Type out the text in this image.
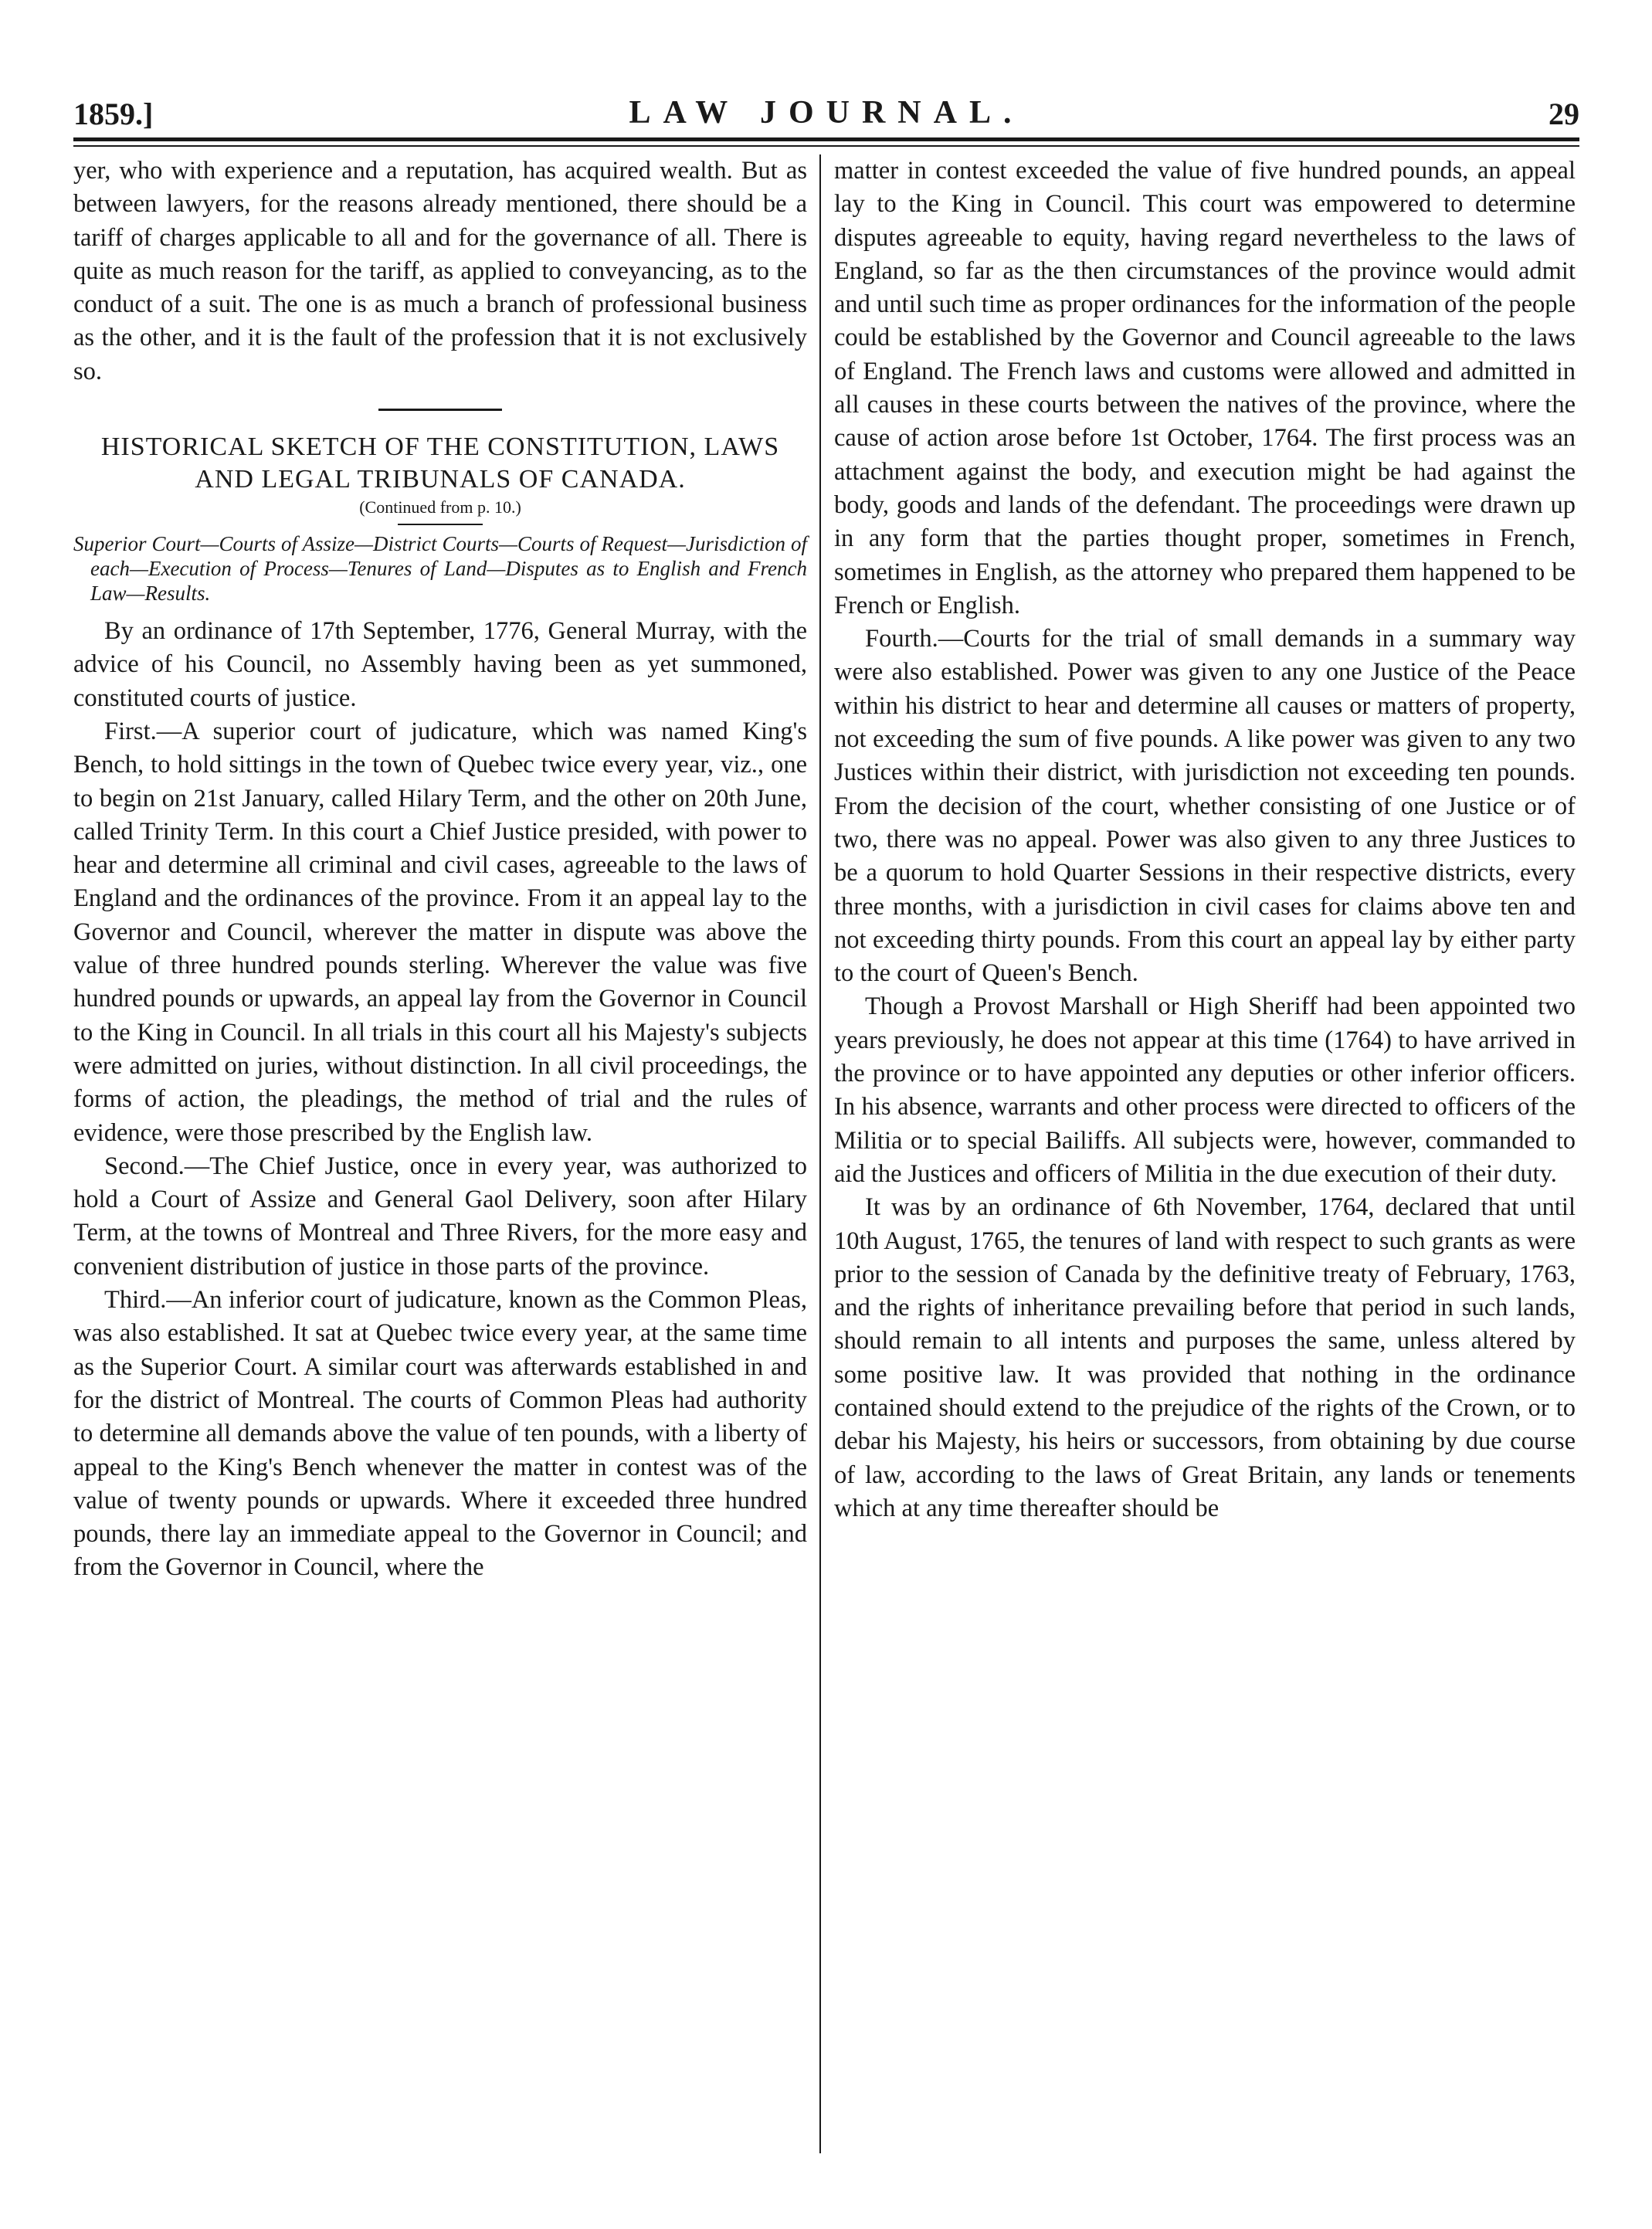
1859.]	LAW JOURNAL.	29

yer, who with experience and a reputation, has acquired wealth. But as between lawyers, for the reasons already mentioned, there should be a tariff of charges applicable to all and for the governance of all. There is quite as much reason for the tariff, as applied to conveyancing, as to the conduct of a suit. The one is as much a branch of professional business as the other, and it is the fault of the profession that it is not exclusively so.

HISTORICAL SKETCH OF THE CONSTITUTION, LAWS
AND LEGAL TRIBUNALS OF CANADA.
(Continued from p. 10.)

Superior Court—Courts of Assize—District Courts—Courts of Request—Jurisdiction of each—Execution of Process—Tenures of Land—Disputes as to English and French Law—Results.

By an ordinance of 17th September, 1776, General Murray, with the advice of his Council, no Assembly having been as yet summoned, constituted courts of justice.

First.—A superior court of judicature, which was named King's Bench, to hold sittings in the town of Quebec twice every year, viz., one to begin on 21st January, called Hilary Term, and the other on 20th June, called Trinity Term. In this court a Chief Justice presided, with power to hear and determine all criminal and civil cases, agreeable to the laws of England and the ordinances of the province. From it an appeal lay to the Governor and Council, wherever the matter in dispute was above the value of three hundred pounds sterling. Wherever the value was five hundred pounds or upwards, an appeal lay from the Governor in Council to the King in Council. In all trials in this court all his Majesty's subjects were admitted on juries, without distinction. In all civil proceedings, the forms of action, the pleadings, the method of trial and the rules of evidence, were those prescribed by the English law.

Second.—The Chief Justice, once in every year, was authorized to hold a Court of Assize and General Gaol Delivery, soon after Hilary Term, at the towns of Montreal and Three Rivers, for the more easy and convenient distribution of justice in those parts of the province.

Third.—An inferior court of judicature, known as the Common Pleas, was also established. It sat at Quebec twice every year, at the same time as the Superior Court. A similar court was afterwards established in and for the district of Montreal. The courts of Common Pleas had authority to determine all demands above the value of ten pounds, with a liberty of appeal to the King's Bench whenever the matter in contest was of the value of twenty pounds or upwards. Where it exceeded three hundred pounds, there lay an immediate appeal to the Governor in Council; and from the Governor in Council, where the

matter in contest exceeded the value of five hundred pounds, an appeal lay to the King in Council. This court was empowered to determine disputes agreeable to equity, having regard nevertheless to the laws of England, so far as the then circumstances of the province would admit and until such time as proper ordinances for the information of the people could be established by the Governor and Council agreeable to the laws of England. The French laws and customs were allowed and admitted in all causes in these courts between the natives of the province, where the cause of action arose before 1st October, 1764. The first process was an attachment against the body, and execution might be had against the body, goods and lands of the defendant. The proceedings were drawn up in any form that the parties thought proper, sometimes in French, sometimes in English, as the attorney who prepared them happened to be French or English.

Fourth.—Courts for the trial of small demands in a summary way were also established. Power was given to any one Justice of the Peace within his district to hear and determine all causes or matters of property, not exceeding the sum of five pounds. A like power was given to any two Justices within their district, with jurisdiction not exceeding ten pounds. From the decision of the court, whether consisting of one Justice or of two, there was no appeal. Power was also given to any three Justices to be a quorum to hold Quarter Sessions in their respective districts, every three months, with a jurisdiction in civil cases for claims above ten and not exceeding thirty pounds. From this court an appeal lay by either party to the court of Queen's Bench.

Though a Provost Marshall or High Sheriff had been appointed two years previously, he does not appear at this time (1764) to have arrived in the province or to have appointed any deputies or other inferior officers. In his absence, warrants and other process were directed to officers of the Militia or to special Bailiffs. All subjects were, however, commanded to aid the Justices and officers of Militia in the due execution of their duty.

It was by an ordinance of 6th November, 1764, declared that until 10th August, 1765, the tenures of land with respect to such grants as were prior to the session of Canada by the definitive treaty of February, 1763, and the rights of inheritance prevailing before that period in such lands, should remain to all intents and purposes the same, unless altered by some positive law. It was provided that nothing in the ordinance contained should extend to the prejudice of the rights of the Crown, or to debar his Majesty, his heirs or successors, from obtaining by due course of law, according to the laws of Great Britain, any lands or tenements which at any time thereafter should be
